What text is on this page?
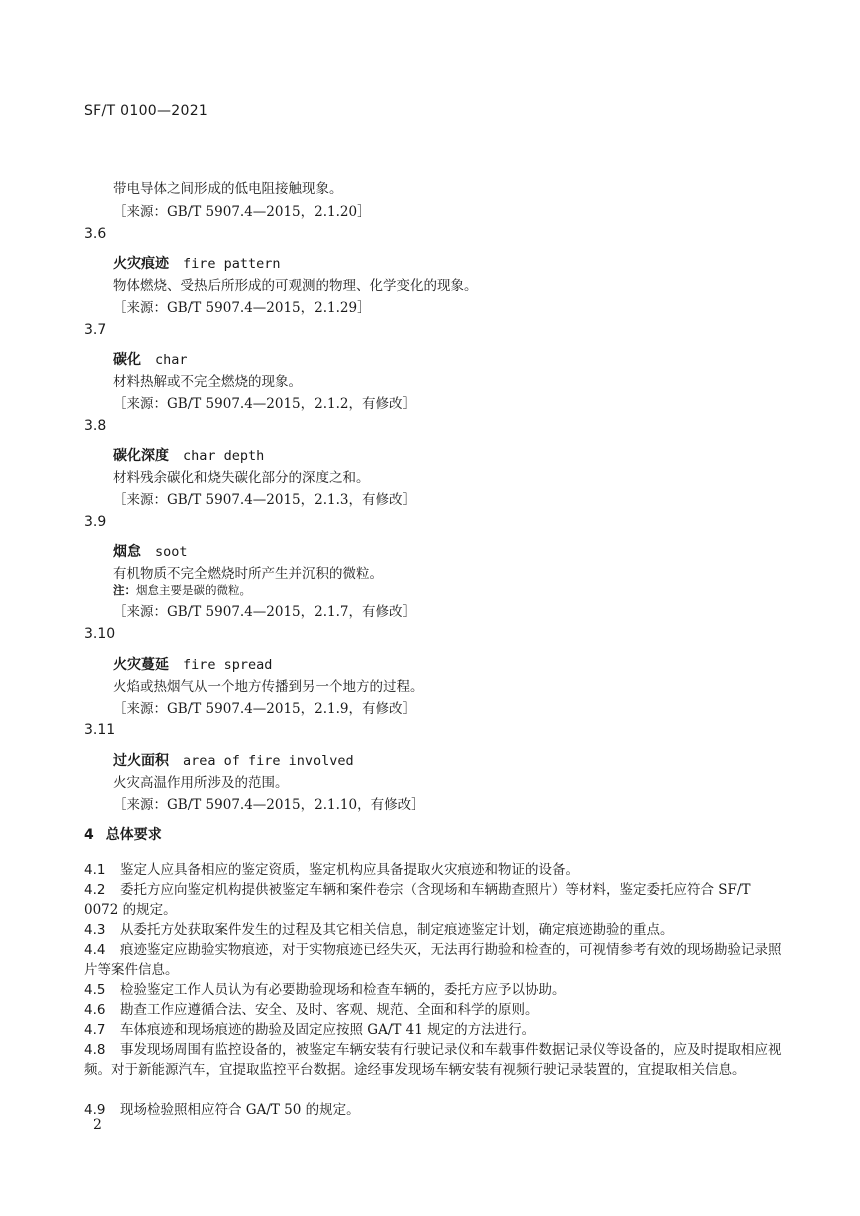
SF/T 0100—2021
带电导体之间形成的低电阻接触现象。
［来源：GB/T 5907.4—2015，2.1.20］
3.6
火灾痕迹 fire pattern
物体燃烧、受热后所形成的可观测的物理、化学变化的现象。
［来源：GB/T 5907.4—2015，2.1.29］
3.7
碳化 char
材料热解或不完全燃烧的现象。
［来源：GB/T 5907.4—2015，2.1.2，有修改］
3.8
碳化深度 char depth
材料残余碳化和烧失碳化部分的深度之和。
［来源：GB/T 5907.4—2015，2.1.3，有修改］
3.9
烟怠 soot
有机物质不完全燃烧时所产生并沉积的微粒。
注：烟怠主要是碳的微粒。
［来源：GB/T 5907.4—2015，2.1.7，有修改］
3.10
火灾蔓延 fire spread
火焰或热烟气从一个地方传播到另一个地方的过程。
［来源：GB/T 5907.4—2015，2.1.9，有修改］
3.11
过火面积 area of fire involved
火灾高温作用所涉及的范围。
［来源：GB/T 5907.4—2015，2.1.10，有修改］
4 总体要求
4.1 鉴定人应具备相应的鉴定资质，鉴定机构应具备提取火灾痕迹和物证的设备。
4.2 委托方应向鉴定机构提供被鉴定车辆和案件卷宗（含现场和车辆勘查照片）等材料，鉴定委托应符合 SF/T 0072 的规定。
4.3 从委托方处获取案件发生的过程及其它相关信息，制定痕迹鉴定计划，确定痕迹勘验的重点。
4.4 痕迹鉴定应勘验实物痕迹，对于实物痕迹已经失灭，无法再行勘验和检查的，可视情参考有效的现场勘验记录照片等案件信息。
4.5 检验鉴定工作人员认为有必要勘验现场和检查车辆的，委托方应予以协助。
4.6 勘查工作应遵循合法、安全、及时、客观、规范、全面和科学的原则。
4.7 车体痕迹和现场痕迹的勘验及固定应按照 GA/T 41 规定的方法进行。
4.8 事发现场周围有监控设备的，被鉴定车辆安装有行驶记录仪和车载事件数据记录仪等设备的，应及时提取相应视频。对于新能源汽车，宜提取监控平台数据。途经事发现场车辆安装有视频行驶记录装置的，宜提取相关信息。
4.9 现场检验照相应符合 GA/T 50 的规定。
2
